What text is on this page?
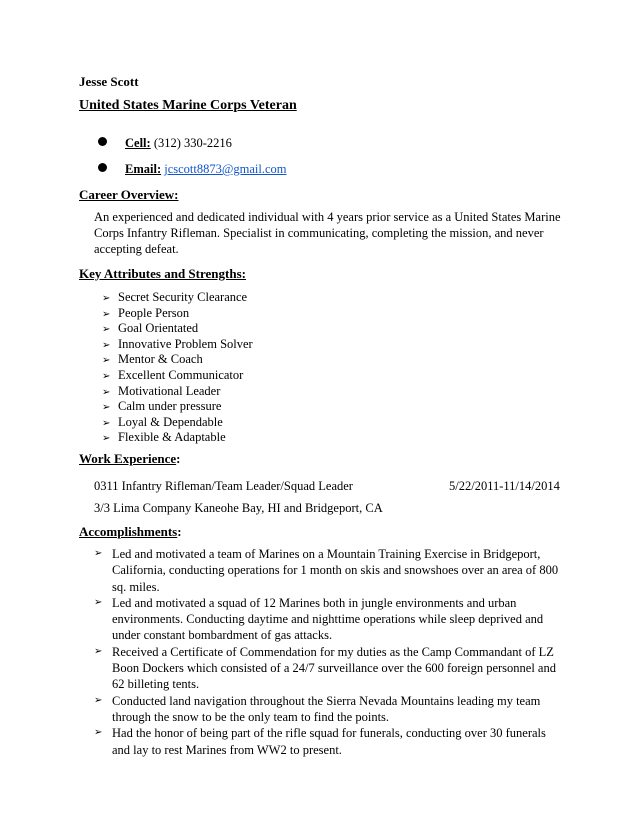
Jesse Scott
United States Marine Corps Veteran
Cell: (312) 330-2216
Email: jcscott8873@gmail.com
Career Overview:

An experienced and dedicated individual with 4 years prior service as a United States Marine

Corps Infantry Rifleman. Specialist in communicating, completing the mission, and never

accepting defeat.

Key Attributes and Strengths:
➢ Secret Security Clearance
➢ People Person
➢ Goal Orientated
➢ Innovative Problem Solver
➢ Mentor & Coach
➢ Excellent Communicator
➢ Motivational Leader
➢ Calm under pressure
➢ Loyal & Dependable
➢ Flexible & Adaptable
Work Experience:
0311 Infantry Rifleman/Team Leader/Squad Leader	5/22/2011-11/14/2014
3/3 Lima Company Kaneohe Bay, HI and Bridgeport, CA
Accomplishments:
➢ Led and motivated a team of Marines on a Mountain Training Exercise in Bridgeport,
California, conducting operations for 1 month on skis and snowshoes over an area of 800
sq. miles.
➢ Led and motivated a squad of 12 Marines both in jungle environments and urban
environments. Conducting daytime and nighttime operations while sleep deprived and
under constant bombardment of gas attacks.
➢ Received a Certificate of Commendation for my duties as the Camp Commandant of LZ
Boon Dockers which consisted of a 24/7 surveillance over the 600 foreign personnel and
62 billeting tents.
➢ Conducted land navigation throughout the Sierra Nevada Mountains leading my team
through the snow to be the only team to find the points.
➢ Had the honor of being part of the rifle squad for funerals, conducting over 30 funerals
and lay to rest Marines from WW2 to present.
